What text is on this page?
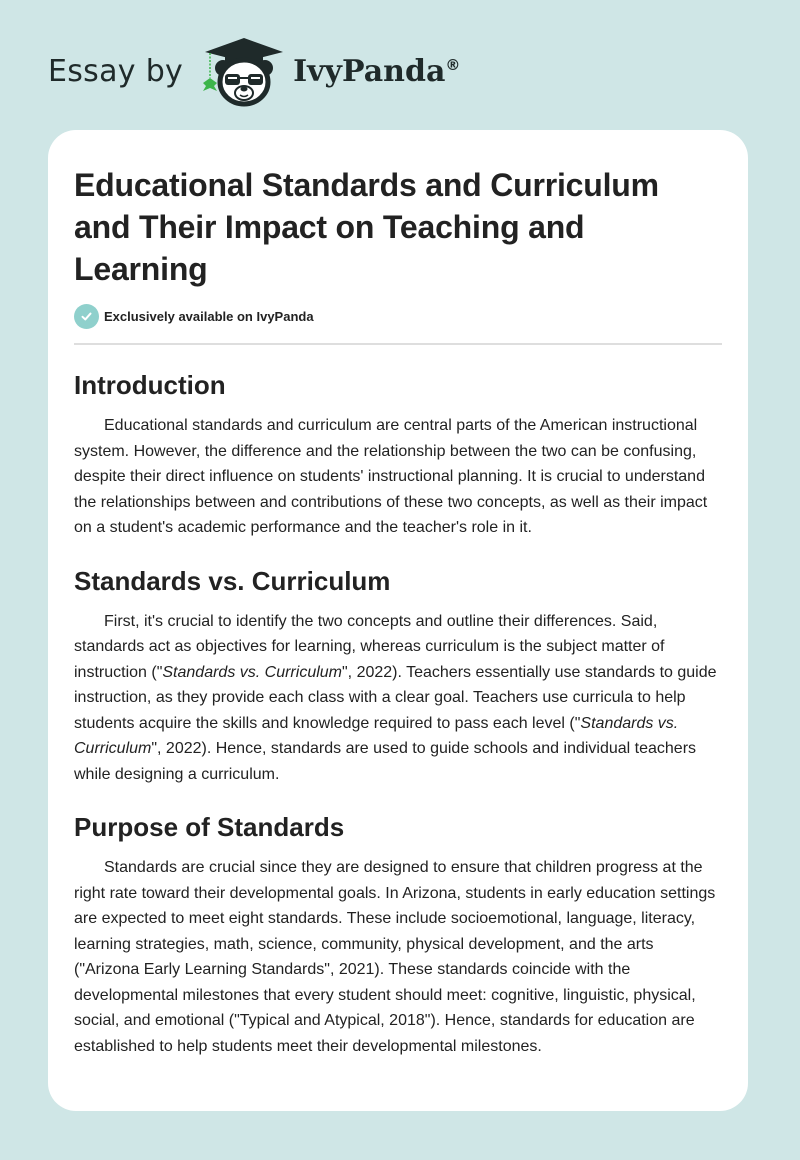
Essay by	IvyPanda®
Educational Standards and Curriculum and Their Impact on Teaching and Learning
Exclusively available on IvyPanda
Introduction

Educational standards and curriculum are central parts of the American instructional system. However, the difference and the relationship between the two can be confusing, despite their direct influence on students' instructional planning. It is crucial to understand the relationships between and contributions of these two concepts, as well as their impact on a student's academic performance and the teacher's role in it.

Standards vs. Curriculum

First, it's crucial to identify the two concepts and outline their differences. Said, standards act as objectives for learning, whereas curriculum is the subject matter of instruction ("Standards vs. Curriculum", 2022). Teachers essentially use standards to guide instruction, as they provide each class with a clear goal. Teachers use curricula to help students acquire the skills and knowledge required to pass each level ("Standards vs. Curriculum", 2022). Hence, standards are used to guide schools and individual teachers while designing a curriculum.

Purpose of Standards

Standards are crucial since they are designed to ensure that children progress at the right rate toward their developmental goals. In Arizona, students in early education settings are expected to meet eight standards. These include socioemotional, language, literacy, learning strategies, math, science, community, physical development, and the arts ("Arizona Early Learning Standards", 2021). These standards coincide with the developmental milestones that every student should meet: cognitive, linguistic, physical, social, and emotional ("Typical and Atypical, 2018"). Hence, standards for education are established to help students meet their developmental milestones.
